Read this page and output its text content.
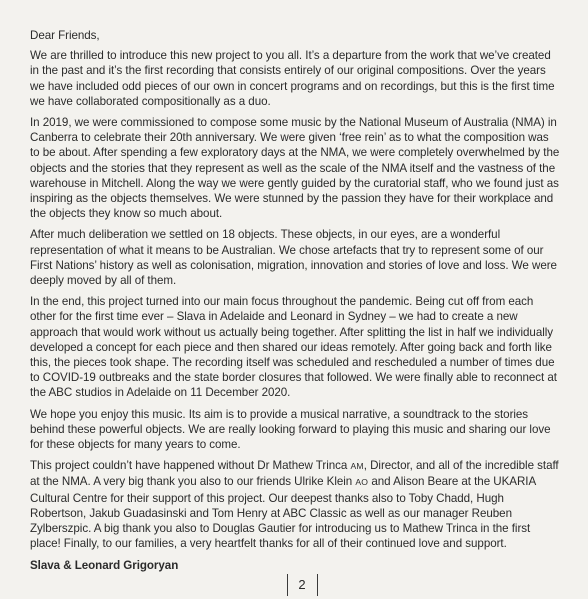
Dear Friends,

We are thrilled to introduce this new project to you all. It’s a departure from the work that we’ve created in the past and it’s the first recording that consists entirely of our original compositions. Over the years we have included odd pieces of our own in concert programs and on recordings, but this is the first time we have collaborated compositionally as a duo.

In 2019, we were commissioned to compose some music by the National Museum of Australia (NMA) in Canberra to celebrate their 20th anniversary. We were given ‘free rein’ as to what the composition was to be about. After spending a few exploratory days at the NMA, we were completely overwhelmed by the objects and the stories that they represent as well as the scale of the NMA itself and the vastness of the warehouse in Mitchell. Along the way we were gently guided by the curatorial staff, who we found just as inspiring as the objects themselves. We were stunned by the passion they have for their workplace and the objects they know so much about.

After much deliberation we settled on 18 objects. These objects, in our eyes, are a wonderful representation of what it means to be Australian. We chose artefacts that try to represent some of our First Nations’ history as well as colonisation, migration, innovation and stories of love and loss. We were deeply moved by all of them.

In the end, this project turned into our main focus throughout the pandemic. Being cut off from each other for the first time ever – Slava in Adelaide and Leonard in Sydney – we had to create a new approach that would work without us actually being together. After splitting the list in half we individually developed a concept for each piece and then shared our ideas remotely. After going back and forth like this, the pieces took shape. The recording itself was scheduled and rescheduled a number of times due to COVID-19 outbreaks and the state border closures that followed. We were finally able to reconnect at the ABC studios in Adelaide on 11 December 2020.

We hope you enjoy this music. Its aim is to provide a musical narrative, a soundtrack to the stories behind these powerful objects. We are really looking forward to playing this music and sharing our love for these objects for many years to come.

This project couldn’t have happened without Dr Mathew Trinca AM, Director, and all of the incredible staff at the NMA. A very big thank you also to our friends Ulrike Klein AO and Alison Beare at the UKARIA Cultural Centre for their support of this project. Our deepest thanks also to Toby Chadd, Hugh Robertson, Jakub Guadasinski and Tom Henry at ABC Classic as well as our manager Reuben Zylberszpic. A big thank you also to Douglas Gautier for introducing us to Mathew Trinca in the first place! Finally, to our families, a very heartfelt thanks for all of their continued love and support.

Slava & Leonard Grigoryan

2
